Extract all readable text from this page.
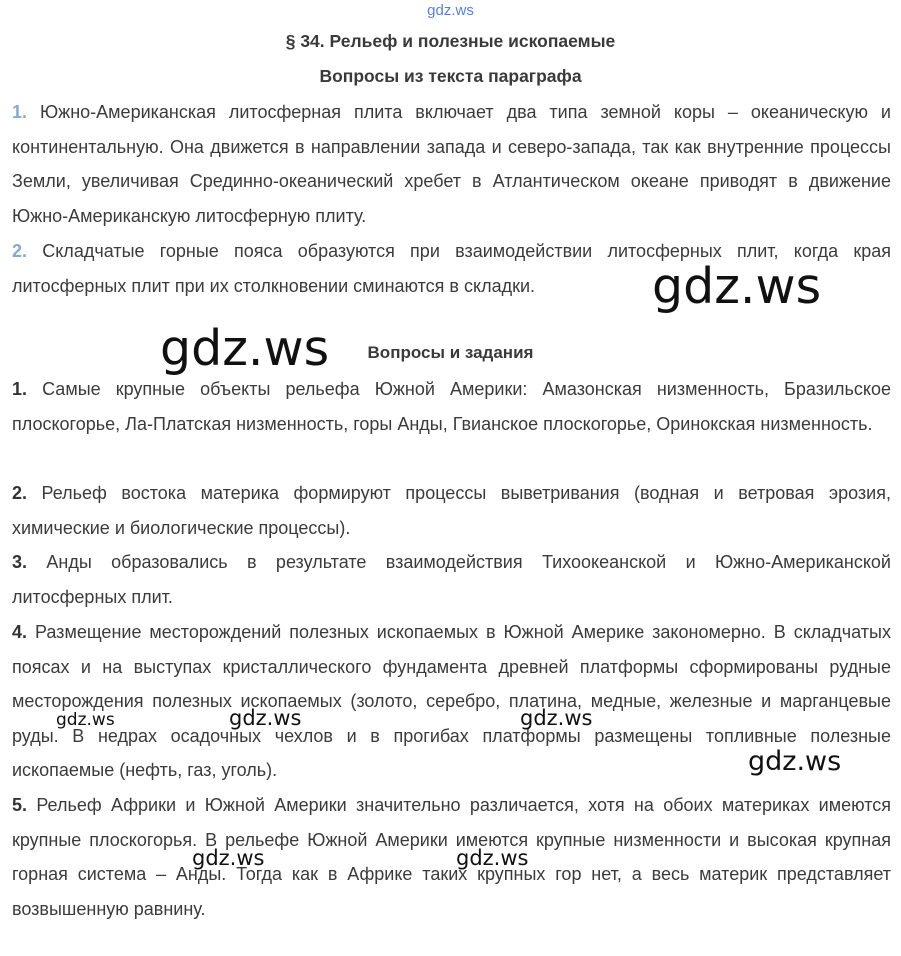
gdz.ws
§ 34. Рельеф и полезные ископаемые
Вопросы из текста параграфа
1. Южно-Американская литосферная плита включает два типа земной коры – океаническую и континентальную. Она движется в направлении запада и северо-запада, так как внутренние процессы Земли, увеличивая Срединно-океанический хребет в Атлантическом океане приводят в движение Южно-Американскую литосферную плиту.
2. Складчатые горные пояса образуются при взаимодействии литосферных плит, когда края литосферных плит при их столкновении сминаются в складки.
Вопросы и задания
1. Самые крупные объекты рельефа Южной Америки: Амазонская низменность, Бразильское плоскогорье, Ла-Платская низменность, горы Анды, Гвианское плоскогорье, Оринокская низменность.
2. Рельеф востока материка формируют процессы выветривания (водная и ветровая эрозия, химические и биологические процессы).
3. Анды образовались в результате взаимодействия Тихоокеанской и Южно-Американской литосферных плит.
4. Размещение месторождений полезных ископаемых в Южной Америке закономерно. В складчатых поясах и на выступах кристаллического фундамента древней платформы сформированы рудные месторождения полезных ископаемых (золото, серебро, платина, медные, железные и марганцевые руды. В недрах осадочных чехлов и в прогибах платформы размещены топливные полезные ископаемые (нефть, газ, уголь).
5. Рельеф Африки и Южной Америки значительно различается, хотя на обоих материках имеются крупные плоскогорья. В рельефе Южной Америки имеются крупные низменности и высокая крупная горная система – Анды. Тогда как в Африке таких крупных гор нет, а весь материк представляет возвышенную равнину.
gdz.ws
gdz.ws
gdz.ws	gdz.ws	gdz.ws
gdz.ws
gdz.ws	gdz.ws
